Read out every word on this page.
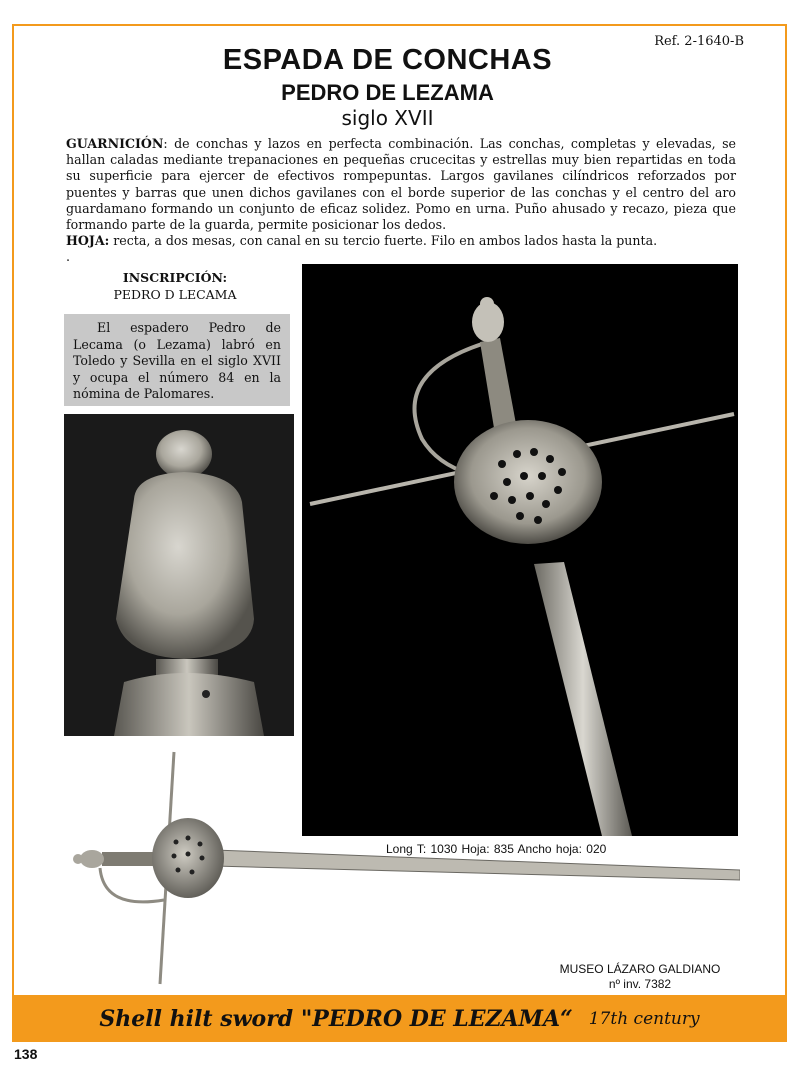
Ref. 2-1640-B
ESPADA DE CONCHAS
PEDRO DE LEZAMA
siglo XVII

GUARNICIÓN: de conchas y lazos en perfecta combinación. Las conchas, completas y elevadas, se hallan caladas mediante trepanaciones en pequeñas crucecitas y estrellas muy bien repartidas en toda su superficie para ejercer de efectivos rompepuntas. Largos gavilanes cilíndricos reforzados por puentes y barras que unen dichos gavilanes con el borde superior de las conchas y el centro del aro guardamano formando un conjunto de eficaz solidez. Pomo en urna. Puño ahusado y recazo, pieza que formando parte de la guarda, permite posicionar los dedos.

HOJA: recta, a dos mesas, con canal en su tercio fuerte. Filo en ambos lados hasta la punta.

.

INSCRIPCIÓN:
PEDRO D LECAMA
El espadero Pedro de Lecama (o Lezama) labró en Toledo y Sevilla en el siglo XVII y ocupa el número 84 en la nómina de Palomares.
Long T: 1030 Hoja: 835 Ancho hoja: 020
MUSEO LÁZARO GALDIANO
nº inv. 7382
Shell hilt sword "PEDRO DE LEZAMA“ 17th century
138
